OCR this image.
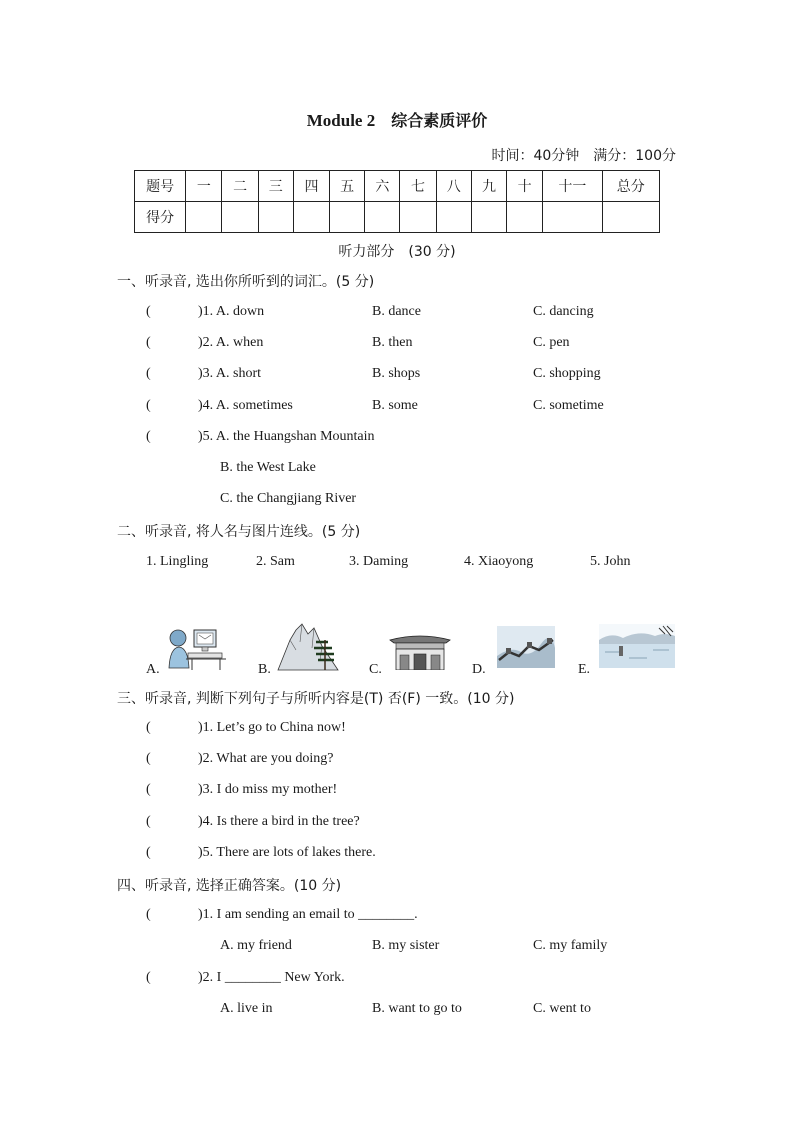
Module 2 综合素质评价
时间：40分钟　满分：100分
题号	一	二	三	四	五	六	七	八	九	十	十一	总分
得分												
听力部分　(30 分)
一、听录音, 选出你所听到的词汇。(5 分)
(	)1. A. down	B. dance	C. dancing
(	)2. A. when	B. then	C. pen
(	)3. A. short	B. shops	C. shopping
(	)4. A. sometimes	B. some	C. sometime
(	)5. A. the Huangshan Mountain
B. the West Lake
C. the Changjiang River
二、听录音, 将人名与图片连线。(5 分)
1. Lingling	2. Sam	3. Daming	4. Xiaoyong	5. John
A.	B.	C.	D.	E.
三、听录音, 判断下列句子与所听内容是(T) 否(F) 一致。(10 分)
(	)1. Let’s go to China now!
(	)2. What are you doing?
(	)3. I do miss my mother!
(	)4. Is there a bird in the tree?
(	)5. There are lots of lakes there.
四、听录音, 选择正确答案。(10 分)
(	)1. I am sending an email to ________.
A. my friend	B. my sister	C. my family
(	)2. I ________ New York.
A. live in	B. want to go to	C. went to
